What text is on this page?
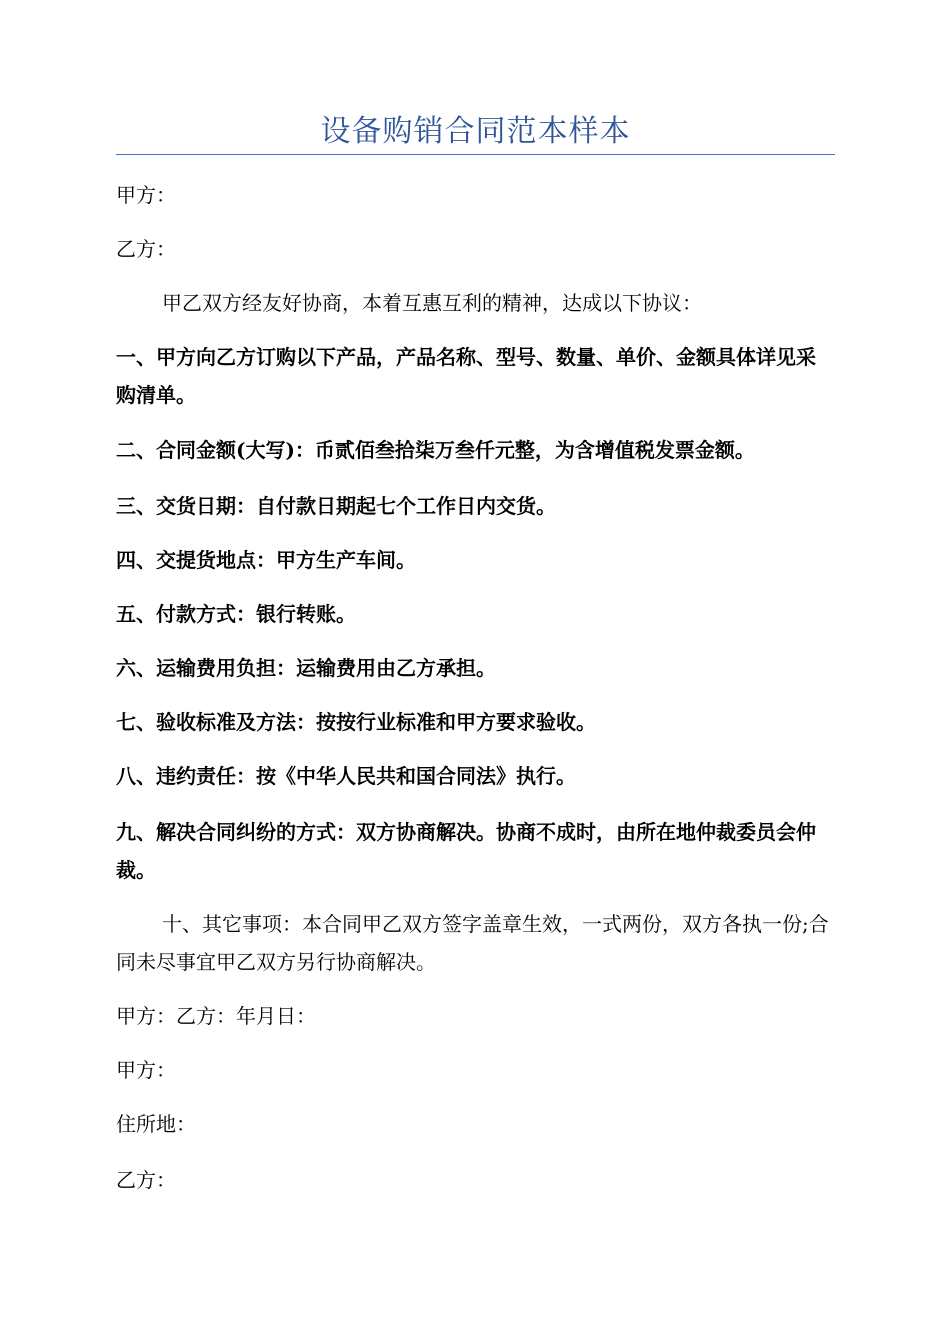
设备购销合同范本样本
甲方：
乙方：
甲乙双方经友好协商，本着互惠互利的精神，达成以下协议：
一、甲方向乙方订购以下产品，产品名称、型号、数量、单价、金额具体详见采购清单。
二、合同金额(大写)：币贰佰叁拾柒万叁仟元整，为含增值税发票金额。
三、交货日期：自付款日期起七个工作日内交货。
四、交提货地点：甲方生产车间。
五、付款方式：银行转账。
六、运输费用负担：运输费用由乙方承担。
七、验收标准及方法：按按行业标准和甲方要求验收。
八、违约责任：按《中华人民共和国合同法》执行。
九、解决合同纠纷的方式：双方协商解决。协商不成时，由所在地仲裁委员会仲裁。
十、其它事项：本合同甲乙双方签字盖章生效，一式两份，双方各执一份;合同未尽事宜甲乙双方另行协商解决。
甲方：乙方：年月日：
甲方：
住所地：
乙方：
